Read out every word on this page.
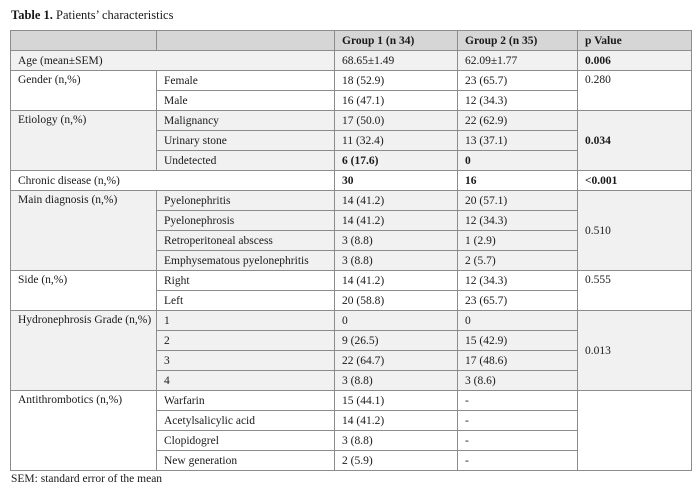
Table 1. Patients’ characteristics
		Group 1 (n 34)	Group 2 (n 35)	p Value
Age (mean±SEM)		68.65±1.49	62.09±1.77	0.006
Gender (n,%)	Female	18 (52.9)	23 (65.7)	0.280
	Male	16 (47.1)	12 (34.3)	
Etiology (n,%)	Malignancy	17 (50.0)	22 (62.9)	0.034
	Urinary stone	11 (32.4)	13 (37.1)	
	Undetected	6 (17.6)	0	
Chronic disease (n,%)		30	16	<0.001
Main diagnosis (n,%)	Pyelonephritis	14 (41.2)	20 (57.1)	0.510
	Pyelonephrosis	14 (41.2)	12 (34.3)	
	Retroperitoneal abscess	3 (8.8)	1 (2.9)	
	Emphysematous pyelonephritis	3 (8.8)	2 (5.7)	
Side (n,%)	Right	14 (41.2)	12 (34.3)	0.555
	Left	20 (58.8)	23 (65.7)	
Hydronephrosis Grade (n,%)	1	0	0	0.013
	2	9 (26.5)	15 (42.9)	
	3	22 (64.7)	17 (48.6)	
	4	3 (8.8)	3 (8.6)	
Antithrombotics (n,%)	Warfarin	15 (44.1)	-	
	Acetylsalicylic acid	14 (41.2)	-	
	Clopidogrel	3 (8.8)	-	
	New generation	2 (5.9)	-	
SEM: standard error of the mean
